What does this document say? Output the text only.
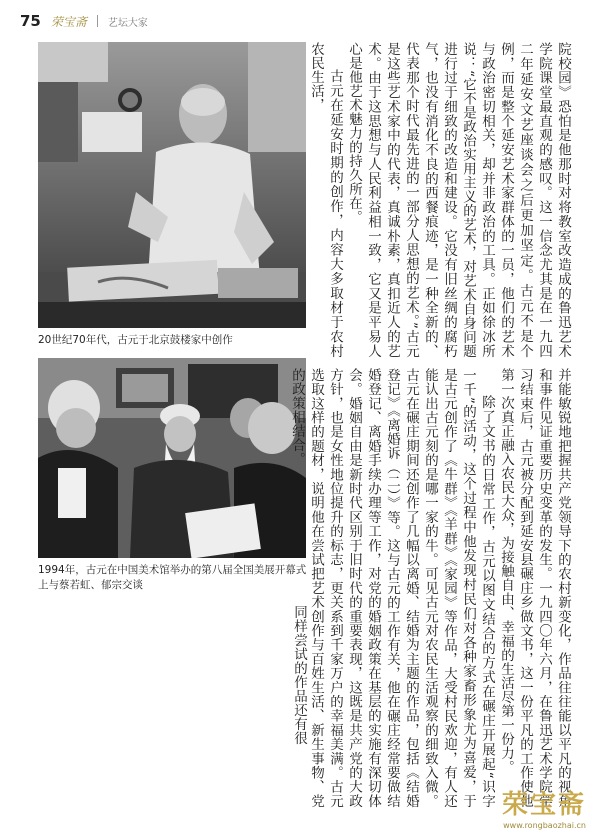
75 荣宝斋 艺坛大家
20世纪70年代，古元于北京鼓楼家中创作
1994年，古元在中国美术馆举办的第八届全国美展开幕式上与蔡若虹、郁宗交谈

院校园》恐怕是他那时对将教室改造成的鲁迅艺术学院课堂最直观的感叹。这一信念尤其是在一九四二年延安文艺座谈会之后更加坚定。古元不是个例，而是整个延安艺术家群体的一员，他们的艺术与政治密切相关，却并非政治的工具。正如徐冰所说：“它不是政治实用主义的艺术，对艺术自身问题进行过于细致的改造和建设。它没有旧丝绸的腐朽气，也没有消化不良的西餐痕迹，是一种全新的、代表那个时代最先进的一部分人思想的艺术。”古元是这些艺术家中的代表，真诚朴素，真扣近人的艺术。由于这思想与人民利益相一致，它又是平易人心是他艺术魅力的持久所在。

古元在延安时期的创作，内容大多取材于农村农民生活，

并能敏锐地把握共产党领导下的农村新变化，作品往往能以平凡的视角和事件见证重要历史变革的发生。一九四〇年六月，在鲁迅艺术学院学习结束后，古元被分配到延安县碾庄乡做文书，这一份平凡的工作使他第一次真正融入农民大众，为接触自由、幸福的生活尽第一份力。

除了文书的日常工作，古元以图文结合的方式在碾庄开展起“识字一千”的活动，这个过程中他发现村民们对各种家畜形象尤为喜爱，于是古元创作了《牛群》《羊群》《家园》等作品，大受村民欢迎，有人还能认出古元刻的是哪一家的牛。可见古元对农民生活观察的细致入微。古元在碾庄期间还创作了几幅以离婚、结婚为主题的作品，包括《结婚登记》《离婚诉（二）》等。这与古元的工作有关，他在碾庄经常要做结婚登记、离婚手续办理等工作，对党的婚姻政策在基层的实施有深切体会。婚姻自由是新时代区别于旧时代的重要表现，这既是共产党的大政方针，也是女性地位提升的标志，更关系到千家万户的幸福美满。古元选取这样的题材，说明他在尝试把艺术创作与百姓生活、新生事物、党的政策相结合。

同样尝试的作品还有很

荣宝斋
www.rongbaozhai.cn
